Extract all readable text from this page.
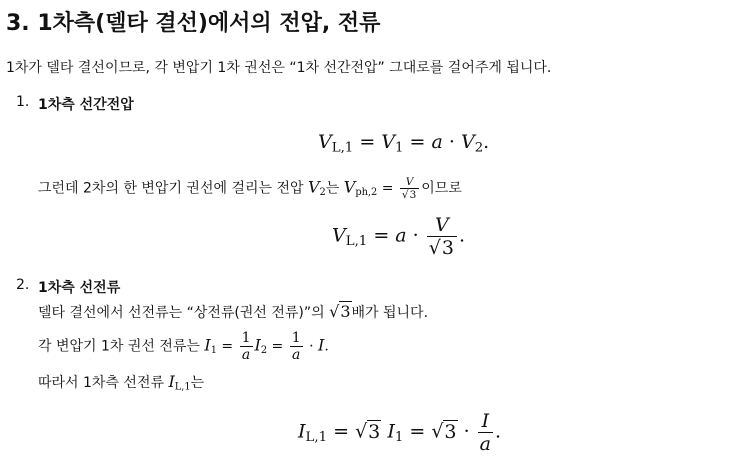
3. 1차측(델타 결선)에서의 전압, 전류
1차가 델타 결선이므로, 각 변압기 1차 권선은 “1차 선간전압” 그대로를 걸어주게 됩니다.
1. 1차측 선간전압
$V_{L,1} = V_1 = a \cdot V_2$.
그런데 2차의 한 변압기 권선에 걸리는 전압 $V_2$는 $V_{ph,2} = \frac{V}{√3}$ 이므로
$V_{L,1} = a \cdot \frac{V}{√3}$ .
2. 1차측 선전류
델타 결선에서 선전류는 “상전류(권선 전류)”의 √3배가 됩니다.
각 변압기 1차 권선 전류는 $I_1 = \frac{1}{a} I_2 = \frac{1}{a} \cdot I$.
따라서 1차측 선전류 $I_{L,1}$는
$I_{L,1} = √3$ $I_1 = √3 \cdot \frac{I}{a}$ .
